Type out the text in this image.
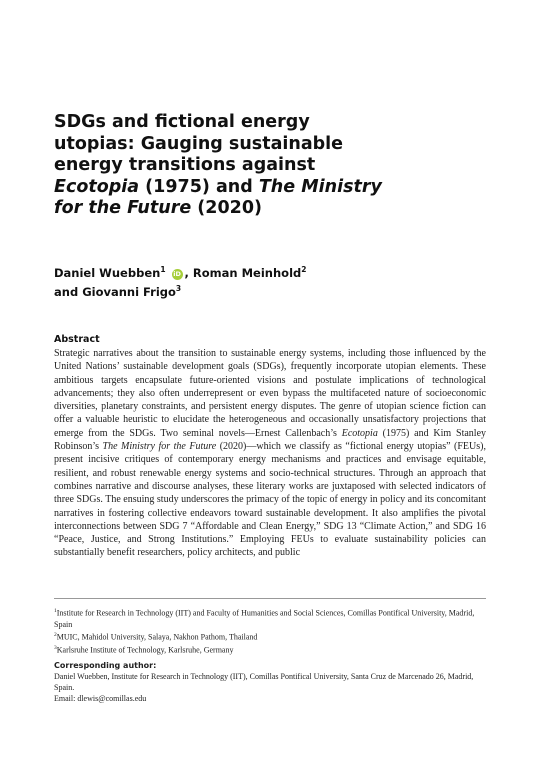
SDGs and fictional energy
utopias: Gauging sustainable
energy transitions against
Ecotopia (1975) and The Ministry
for the Future (2020)
Daniel Wuebben$^1$ iD , Roman Meinhold$^2$
and Giovanni Frigo$^3$
Abstract
Strategic narratives about the transition to sustainable energy systems, including those influenced by the United Nations’ sustainable development goals (SDGs), frequently incorporate utopian elements. These ambitious targets encapsulate future-oriented visions and postulate implications of technological advancements; they also often underrepresent or even bypass the multifaceted nature of socioeconomic diversities, planetary constraints, and persistent energy disputes. The genre of utopian science fiction can offer a valuable heuristic to elucidate the heterogeneous and occasionally unsatisfactory projections that emerge from the SDGs. Two seminal novels—Ernest Callenbach’s Ecotopia (1975) and Kim Stanley Robinson’s The Ministry for the Future (2020)—which we classify as “fictional energy utopias” (FEUs), present incisive critiques of contemporary energy mechanisms and practices and envisage equitable, resilient, and robust renewable energy systems and socio-technical structures. Through an approach that combines narrative and discourse analyses, these literary works are juxtaposed with selected indicators of three SDGs. The ensuing study underscores the primacy of the topic of energy in policy and its concomitant narratives in fostering collective endeavors toward sustainable development. It also amplifies the pivotal interconnections between SDG 7 “Affordable and Clean Energy,” SDG 13 “Climate Action,” and SDG 16 “Peace, Justice, and Strong Institutions.” Employing FEUs to evaluate sustainability policies can substantially benefit researchers, policy architects, and public

$^1$Institute for Research in Technology (IIT) and Faculty of Humanities and Social Sciences, Comillas Pontifical University, Madrid, Spain

$^2$MUIC, Mahidol University, Salaya, Nakhon Pathom, Thailand

$^3$Karlsruhe Institute of Technology, Karlsruhe, Germany

Corresponding author:

Daniel Wuebben, Institute for Research in Technology (IIT), Comillas Pontifical University, Santa Cruz de Marcenado 26, Madrid, Spain.

Email: dlewis@comillas.edu
